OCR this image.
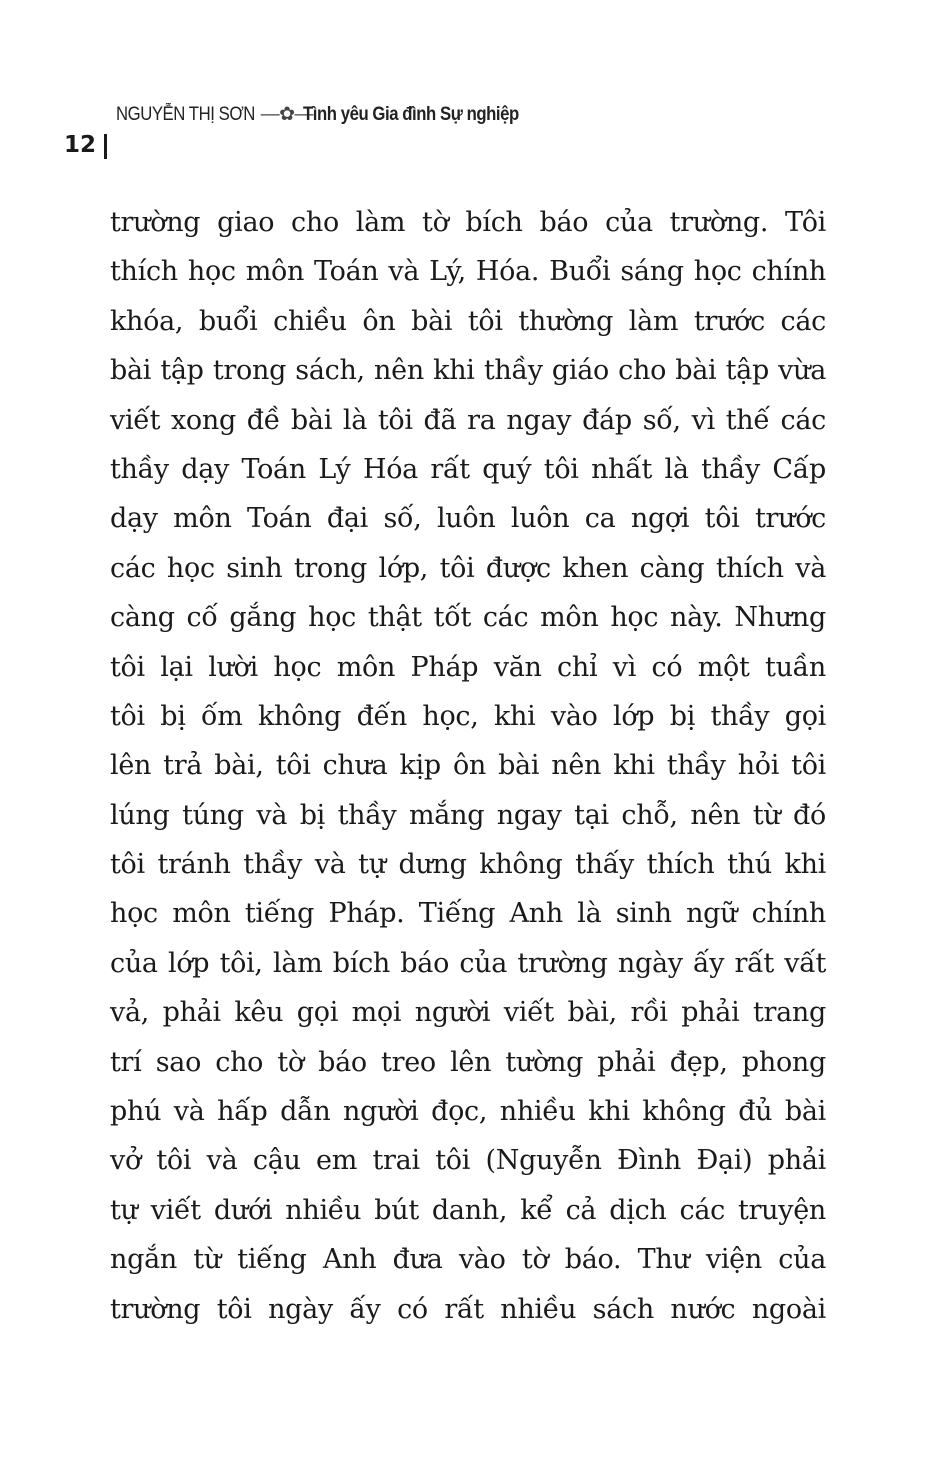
NGUYỄN THỊ SƠN —✿— Tình yêu Gia đình Sự nghiệp
12
trường giao cho làm tờ bích báo của trường. Tôi
thích học môn Toán và Lý, Hóa. Buổi sáng học chính
khóa, buổi chiều ôn bài tôi thường làm trước các
bài tập trong sách, nên khi thầy giáo cho bài tập vừa
viết xong đề bài là tôi đã ra ngay đáp số, vì thế các
thầy dạy Toán Lý Hóa rất quý tôi nhất là thầy Cấp
dạy môn Toán đại số, luôn luôn ca ngợi tôi trước
các học sinh trong lớp, tôi được khen càng thích và
càng cố gắng học thật tốt các môn học này. Nhưng
tôi lại lười học môn Pháp văn chỉ vì có một tuần
tôi bị ốm không đến học, khi vào lớp bị thầy gọi
lên trả bài, tôi chưa kịp ôn bài nên khi thầy hỏi tôi
lúng túng và bị thầy mắng ngay tại chỗ, nên từ đó
tôi tránh thầy và tự dưng không thấy thích thú khi
học môn tiếng Pháp. Tiếng Anh là sinh ngữ chính
của lớp tôi, làm bích báo của trường ngày ấy rất vất
vả, phải kêu gọi mọi người viết bài, rồi phải trang
trí sao cho tờ báo treo lên tường phải đẹp, phong
phú và hấp dẫn người đọc, nhiều khi không đủ bài
vở tôi và cậu em trai tôi (Nguyễn Đình Đại) phải
tự viết dưới nhiều bút danh, kể cả dịch các truyện
ngắn từ tiếng Anh đưa vào tờ báo. Thư viện của
trường tôi ngày ấy có rất nhiều sách nước ngoài
